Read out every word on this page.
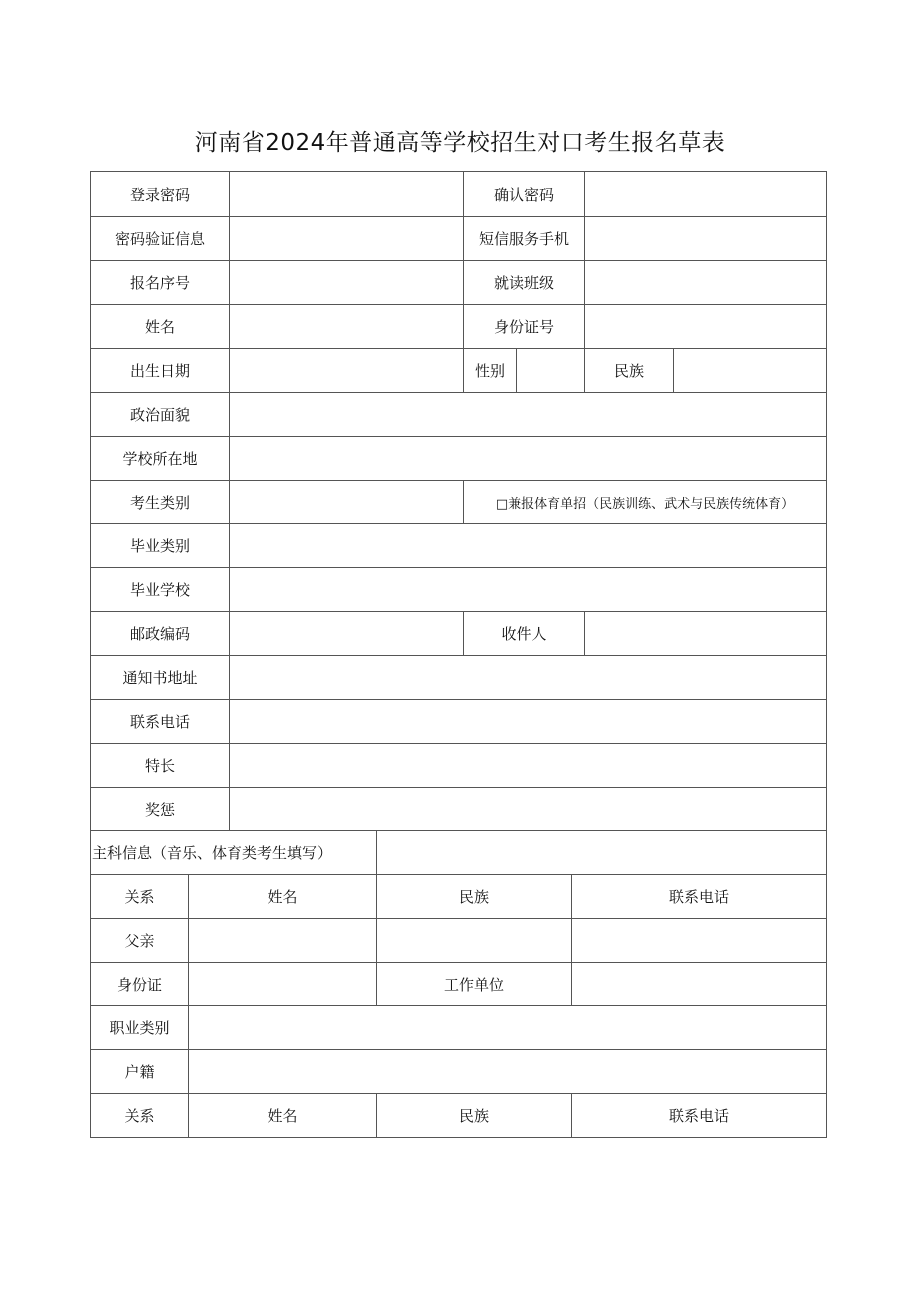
河南省2024年普通高等学校招生对口考生报名草表
登录密码	确认密码
密码验证信息	短信服务手机
报名序号	就读班级
姓名	身份证号
出生日期	性别	民族
政治面貌
学校所在地
考生类别	□兼报体育单招（民族训练、武术与民族传统体育）
毕业类别
毕业学校
邮政编码	收件人
通知书地址
联系电话
特长
奖惩
主科信息（音乐、体育类考生填写）
关系	姓名	民族	联系电话
父亲
身份证	工作单位
职业类别
户籍
关系	姓名	民族	联系电话
